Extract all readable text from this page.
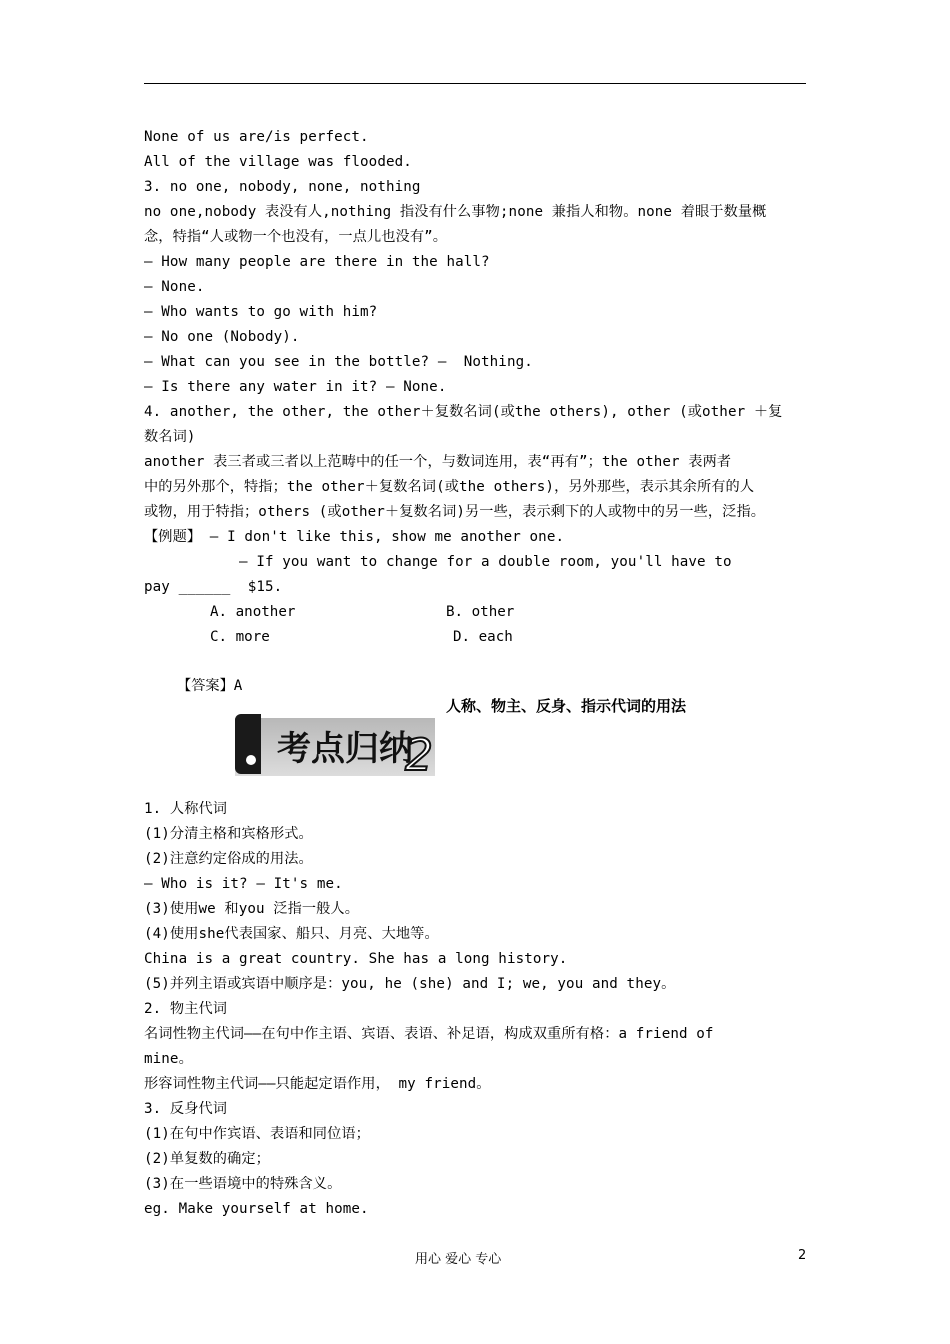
None of us are/is perfect.
All of the village was flooded.
3. no one, nobody, none, nothing
no one,nobody 表没有人,nothing 指没有什么事物;none 兼指人和物。none 着眼于数量概
念，特指“人或物一个也没有，一点儿也没有”。
— How many people are there in the hall?
— None.
— Who wants to go with him?
— No one (Nobody).
— What can you see in the bottle? —  Nothing.
— Is there any water in it? — None.
4. another, the other, the other＋复数名词(或the others), other (或other ＋复
数名词)
another 表三者或三者以上范畴中的任一个，与数词连用，表“再有”；the other 表两者
中的另外那个，特指；the other＋复数名词(或the others)，另外那些，表示其余所有的人
或物，用于特指；others (或other＋复数名词)另一些，表示剩下的人或物中的另一些，泛指。
【例题】 — I don't like this, show me another one.
— If you want to change for a double room, you'll have to
pay ______  $15.
A. another	B. other
C. more	D. each
【答案】A
人称、物主、反身、指示代词的用法
考点归纳
2
1. 人称代词
(1)分清主格和宾格形式。
(2)注意约定俗成的用法。
— Who is it? — It's me.
(3)使用we 和you 泛指一般人。
(4)使用she代表国家、船只、月亮、大地等。
China is a great country. She has a long history.
(5)并列主语或宾语中顺序是：you, he (she) and I; we, you and they。
2. 物主代词
名词性物主代词——在句中作主语、宾语、表语、补足语，构成双重所有格：a friend of
mine。
形容词性物主代词——只能起定语作用， my friend。
3. 反身代词
(1)在句中作宾语、表语和同位语；
(2)单复数的确定；
(3)在一些语境中的特殊含义。
eg. Make yourself at home.
用心 爱心 专心	2
